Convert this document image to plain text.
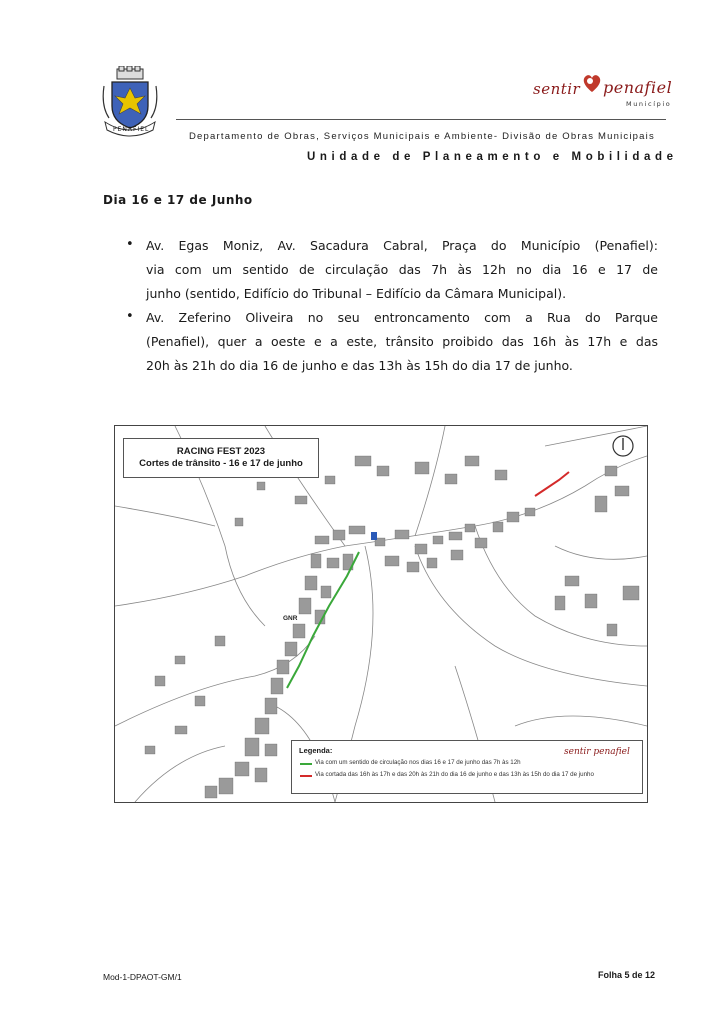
PENAFIEL
sentir penafiel
Município
Departamento de Obras, Serviços Municipais e Ambiente- Divisão de Obras Municipais
Unidade de Planeamento e Mobilidade
Dia 16 e 17 de Junho
• Av. Egas Moniz, Av. Sacadura Cabral, Praça do Município (Penafiel):
via com um sentido de circulação das 7h às 12h no dia 16 e 17 de
junho (sentido, Edifício do Tribunal – Edifício da Câmara Municipal).
• Av. Zeferino Oliveira no seu entroncamento com a Rua do Parque
(Penafiel), quer a oeste e a este, trânsito proibido das 16h às 17h e das
20h às 21h do dia 16 de junho e das 13h às 15h do dia 17 de junho.
GNR
RACING FEST 2023
Cortes de trânsito - 16 e 17 de junho
Legenda:	sentir penafiel
Via com um sentido de circulação nos dias 16 e 17 de junho das 7h às 12h
Via cortada das 16h às 17h e das 20h às 21h do dia 16 de junho e das 13h às 15h do dia 17 de junho
Mod-1-DPAOT-GM/1	Folha 5 de 12
